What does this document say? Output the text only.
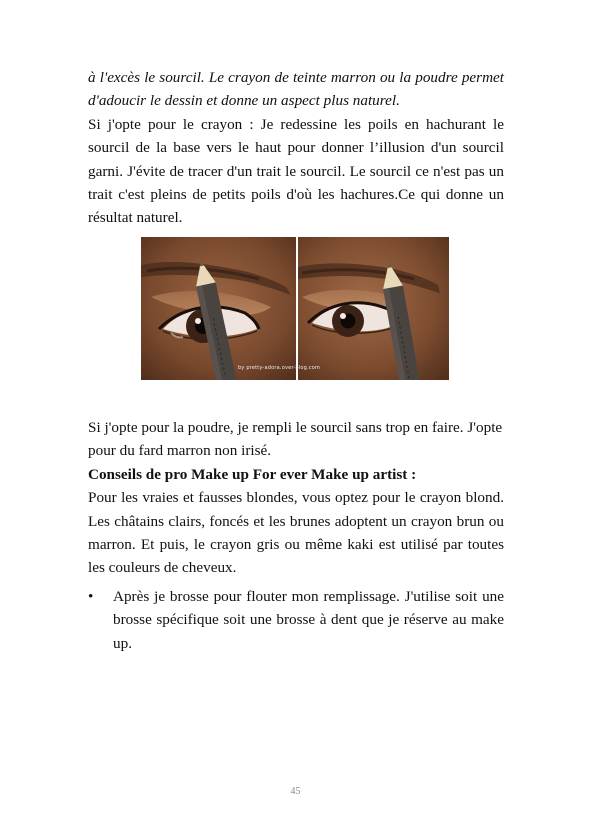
à l'excès le sourcil. Le crayon de teinte marron ou la poudre permet d'adoucir le dessin et donne un aspect plus naturel.

Si j'opte pour le crayon : Je redessine les poils en hachurant le sourcil de la base vers le haut pour donner l’illusion d'un sourcil garni. J'évite de tracer d'un trait le sourcil. Le sourcil ce n'est pas un trait c'est pleins de petits poils d'où les hachures.Ce qui donne un résultat naturel.

by pretty-adora.over-blog.com

Si j'opte pour la poudre, je rempli le sourcil sans trop en faire. J'opte pour du fard marron non irisé.

Conseils de pro Make up For ever Make up artist :

Pour les vraies et fausses blondes, vous optez pour le crayon blond. Les châtains clairs, foncés et les brunes adoptent un crayon brun ou marron. Et puis, le crayon gris ou même kaki est utilisé par toutes les couleurs de cheveux.

• Après je brosse pour flouter mon remplissage. J'utilise soit une brosse spécifique soit une brosse à dent que je réserve au make up.
45
